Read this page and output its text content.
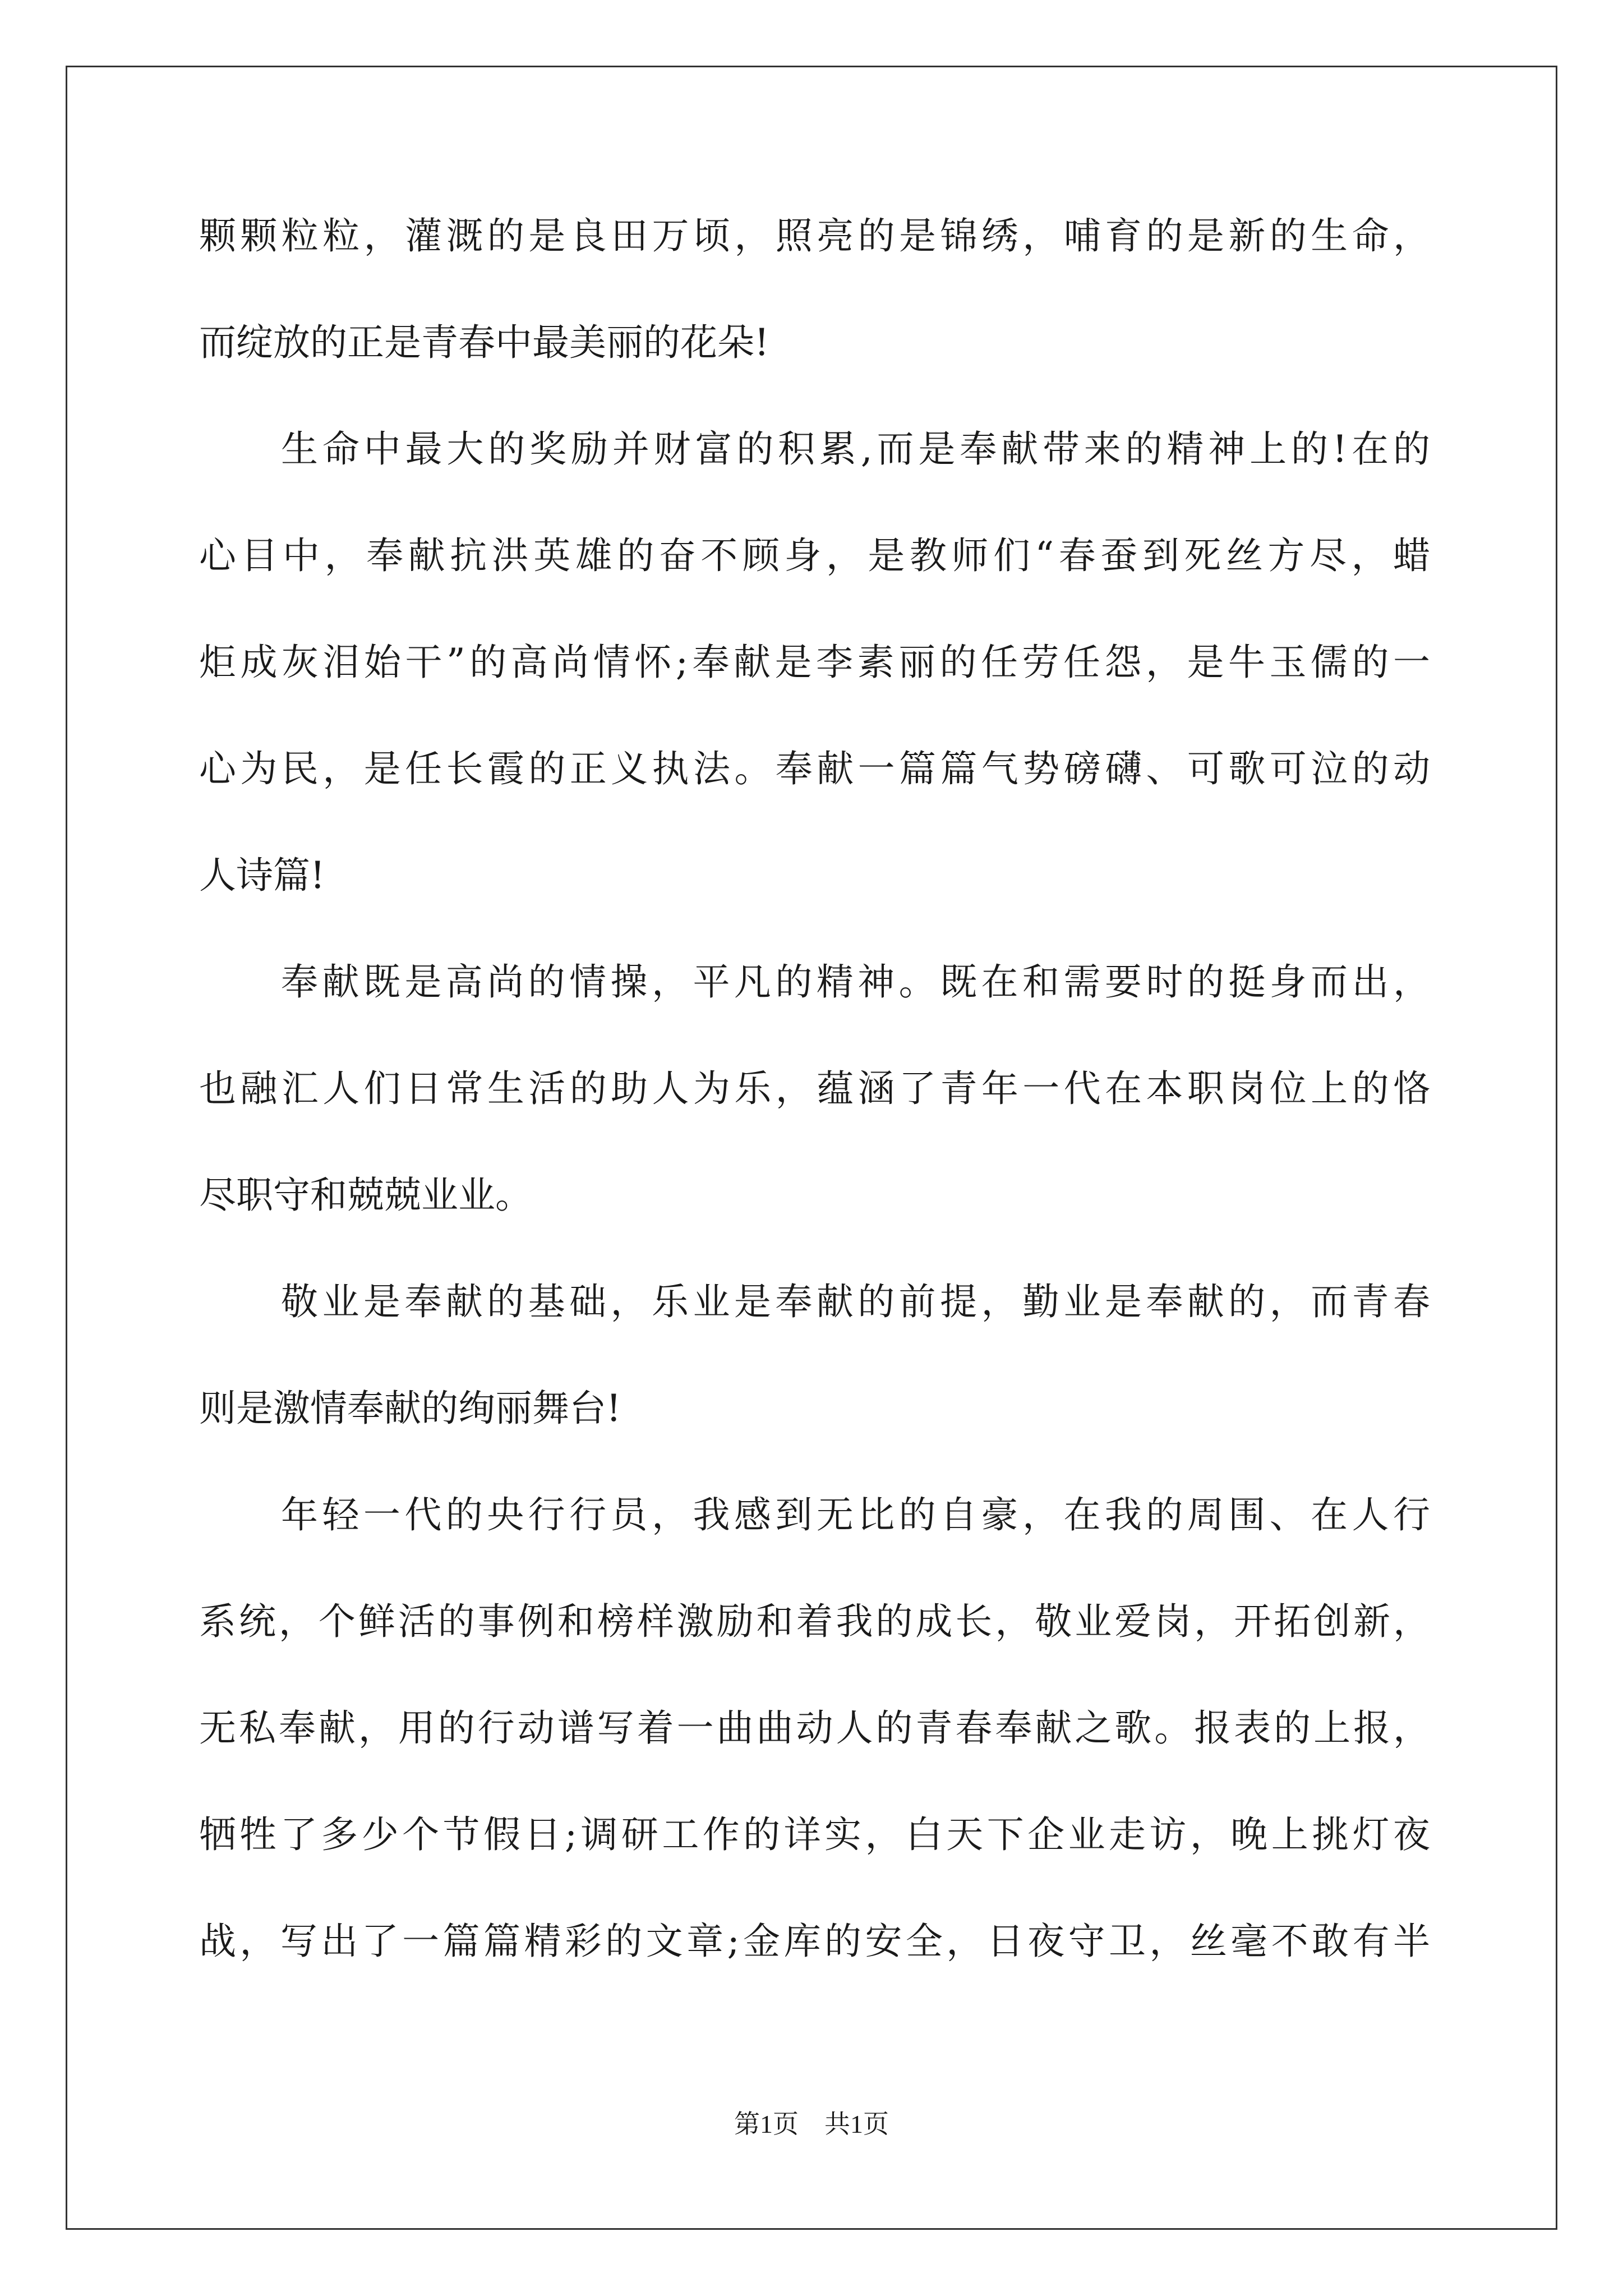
颗颗粒粒，灌溉的是良田万顷，照亮的是锦绣，哺育的是新的生命，
而绽放的正是青春中最美丽的花朵!
生命中最大的奖励并财富的积累,而是奉献带来的精神上的!在的
心目中，奉献抗洪英雄的奋不顾身，是教师们“春蚕到死丝方尽，蜡
炬成灰泪始干”的高尚情怀;奉献是李素丽的任劳任怨，是牛玉儒的一
心为民，是任长霞的正义执法。奉献一篇篇气势磅礴、可歌可泣的动
人诗篇!
奉献既是高尚的情操，平凡的精神。既在和需要时的挺身而出，
也融汇人们日常生活的助人为乐，蕴涵了青年一代在本职岗位上的恪
尽职守和兢兢业业。
敬业是奉献的基础，乐业是奉献的前提，勤业是奉献的，而青春
则是激情奉献的绚丽舞台!
年轻一代的央行行员，我感到无比的自豪，在我的周围、在人行
系统，个鲜活的事例和榜样激励和着我的成长，敬业爱岗，开拓创新，
无私奉献，用的行动谱写着一曲曲动人的青春奉献之歌。报表的上报，
牺牲了多少个节假日;调研工作的详实，白天下企业走访，晚上挑灯夜
战，写出了一篇篇精彩的文章;金库的安全，日夜守卫，丝毫不敢有半
第1页　共1页
